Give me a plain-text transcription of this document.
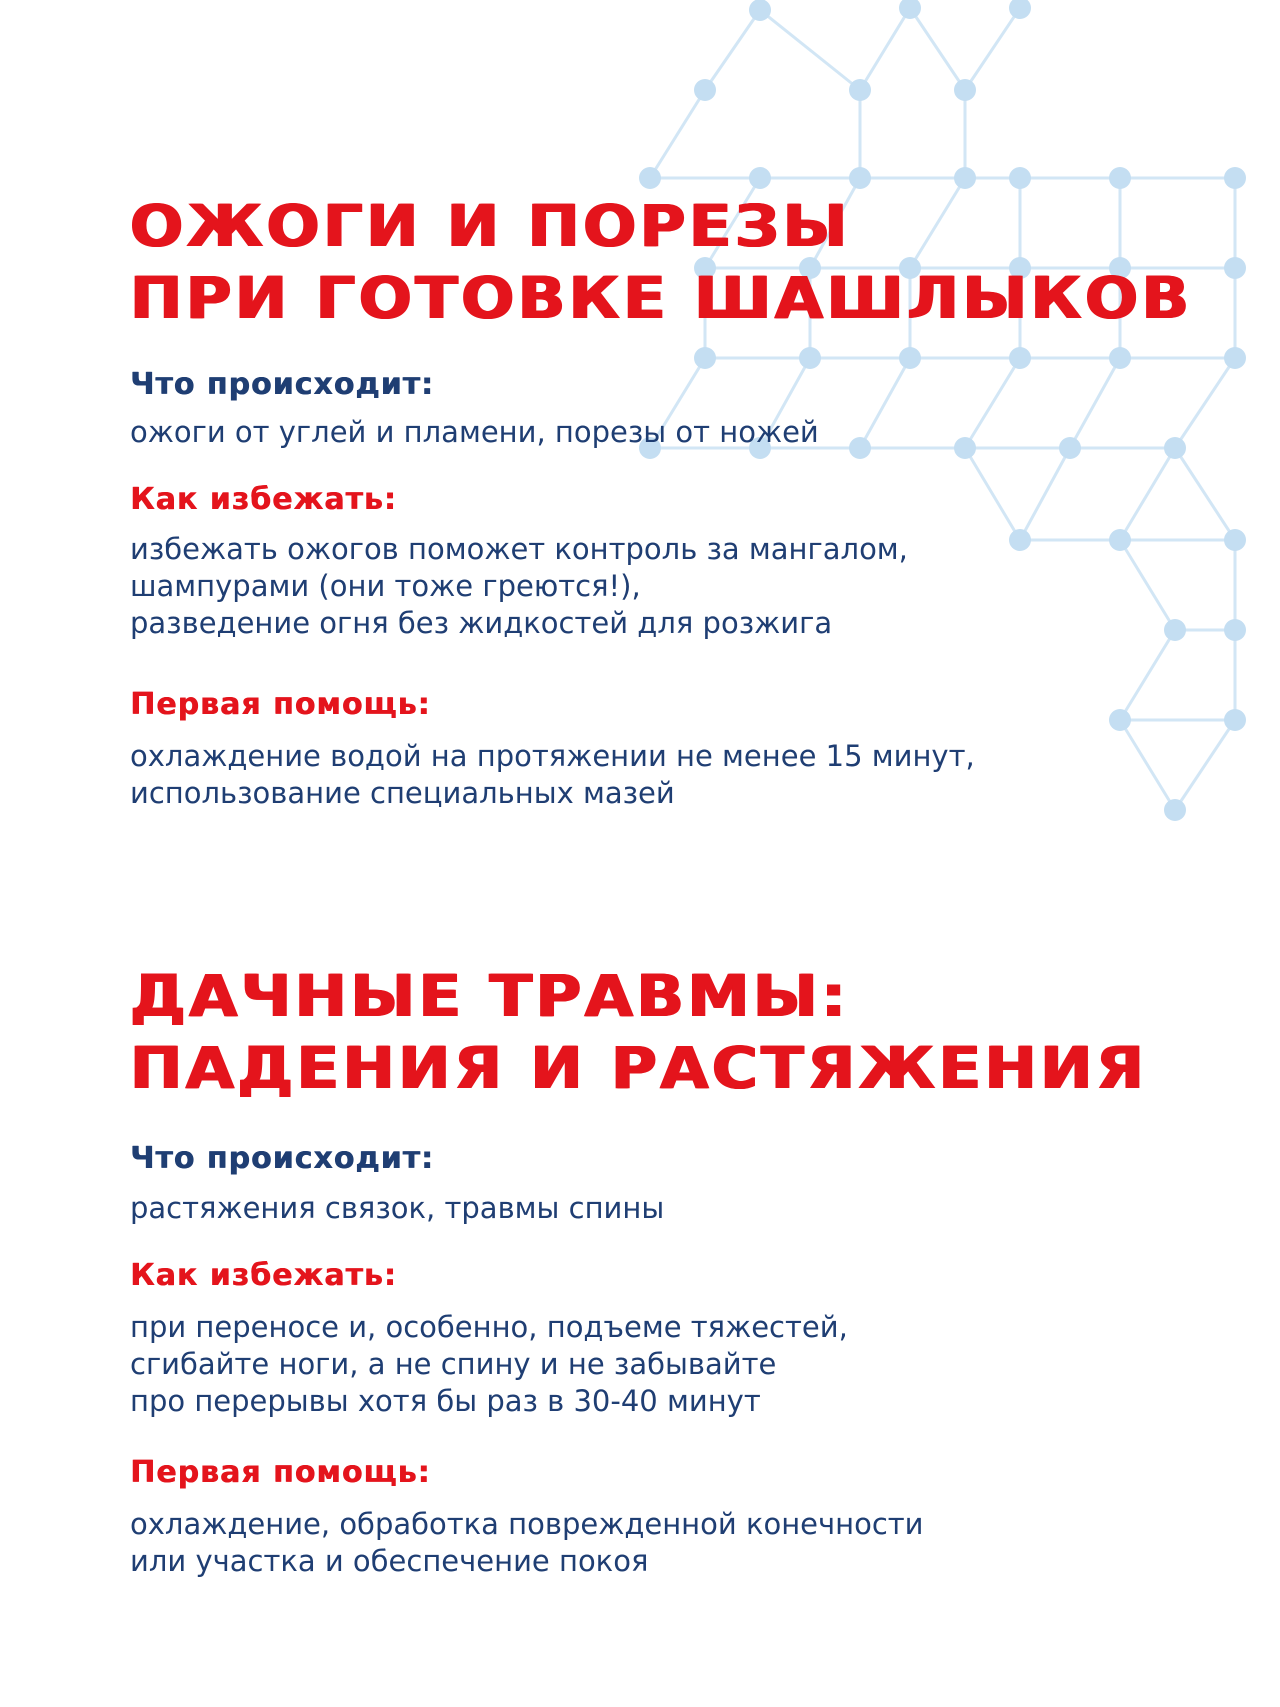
ОЖОГИ И ПОРЕЗЫ
ПРИ ГОТОВКЕ ШАШЛЫКОВ
Что происходит:
ожоги от углей и пламени, порезы от ножей
Как избежать:
избежать ожогов поможет контроль за мангалом,
шампурами (они тоже греются!),
разведение огня без жидкостей для розжига
Первая помощь:
охлаждение водой на протяжении не менее 15 минут,
использование специальных мазей
ДАЧНЫЕ ТРАВМЫ:
ПАДЕНИЯ И РАСТЯЖЕНИЯ
Что происходит:
растяжения связок, травмы спины
Как избежать:
при переносе и, особенно, подъеме тяжестей,
сгибайте ноги, а не спину и не забывайте
про перерывы хотя бы раз в 30-40 минут
Первая помощь:
охлаждение, обработка поврежденной конечности
или участка и обеспечение покоя
